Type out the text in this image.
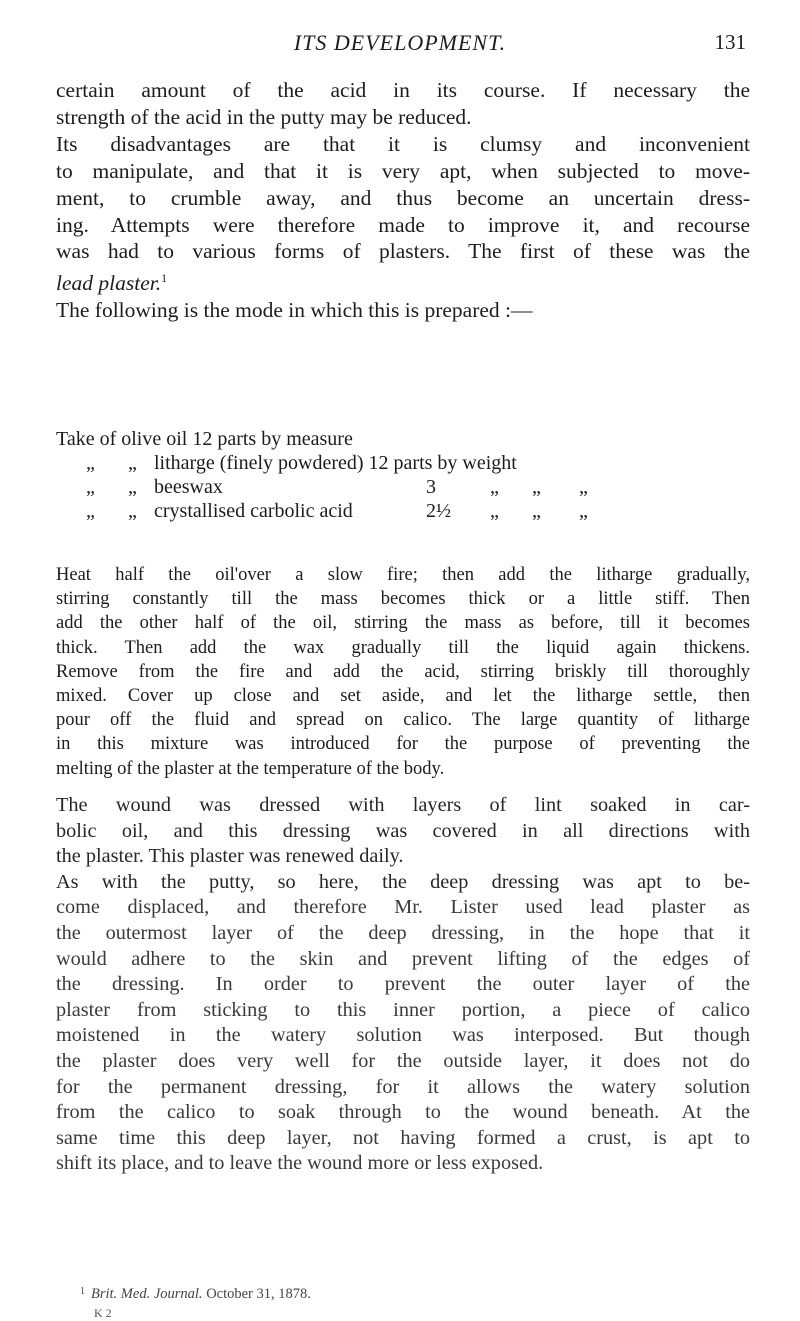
ITS DEVELOPMENT.	131
certain amount of the acid in its course. If necessary the
strength of the acid in the putty may be reduced.
Its disadvantages are that it is clumsy and inconvenient
to manipulate, and that it is very apt, when subjected to move-
ment, to crumble away, and thus become an uncertain dress-
ing. Attempts were therefore made to improve it, and recourse
was had to various forms of plasters. The first of these was the
lead plaster.$^1$
The following is the mode in which this is prepared :—
Take of olive oil 12 parts by measure
„ „ litharge (finely powdered) 12 parts by weight
„ „ beeswax	3	„ „ „
„ „ crystallised carbolic acid	2½ „ „ „
Heat half the oil'over a slow fire; then add the litharge gradually,
stirring constantly till the mass becomes thick or a little stiff. Then
add the other half of the oil, stirring the mass as before, till it becomes
thick. Then add the wax gradually till the liquid again thickens.
Remove from the fire and add the acid, stirring briskly till thoroughly
mixed. Cover up close and set aside, and let the litharge settle, then
pour off the fluid and spread on calico. The large quantity of litharge
in this mixture was introduced for the purpose of preventing the
melting of the plaster at the temperature of the body.
The wound was dressed with layers of lint soaked in car-
bolic oil, and this dressing was covered in all directions with
the plaster. This plaster was renewed daily.
As with the putty, so here, the deep dressing was apt to be-
come displaced, and therefore Mr. Lister used lead plaster as
the outermost layer of the deep dressing, in the hope that it
would adhere to the skin and prevent lifting of the edges of
the dressing. In order to prevent the outer layer of the
plaster from sticking to this inner portion, a piece of calico
moistened in the watery solution was interposed. But though
the plaster does very well for the outside layer, it does not do
for the permanent dressing, for it allows the watery solution
from the calico to soak through to the wound beneath. At the
same time this deep layer, not having formed a crust, is apt to
shift its place, and to leave the wound more or less exposed.
$^1$ Brit. Med. Journal. October 31, 1878.
K 2
